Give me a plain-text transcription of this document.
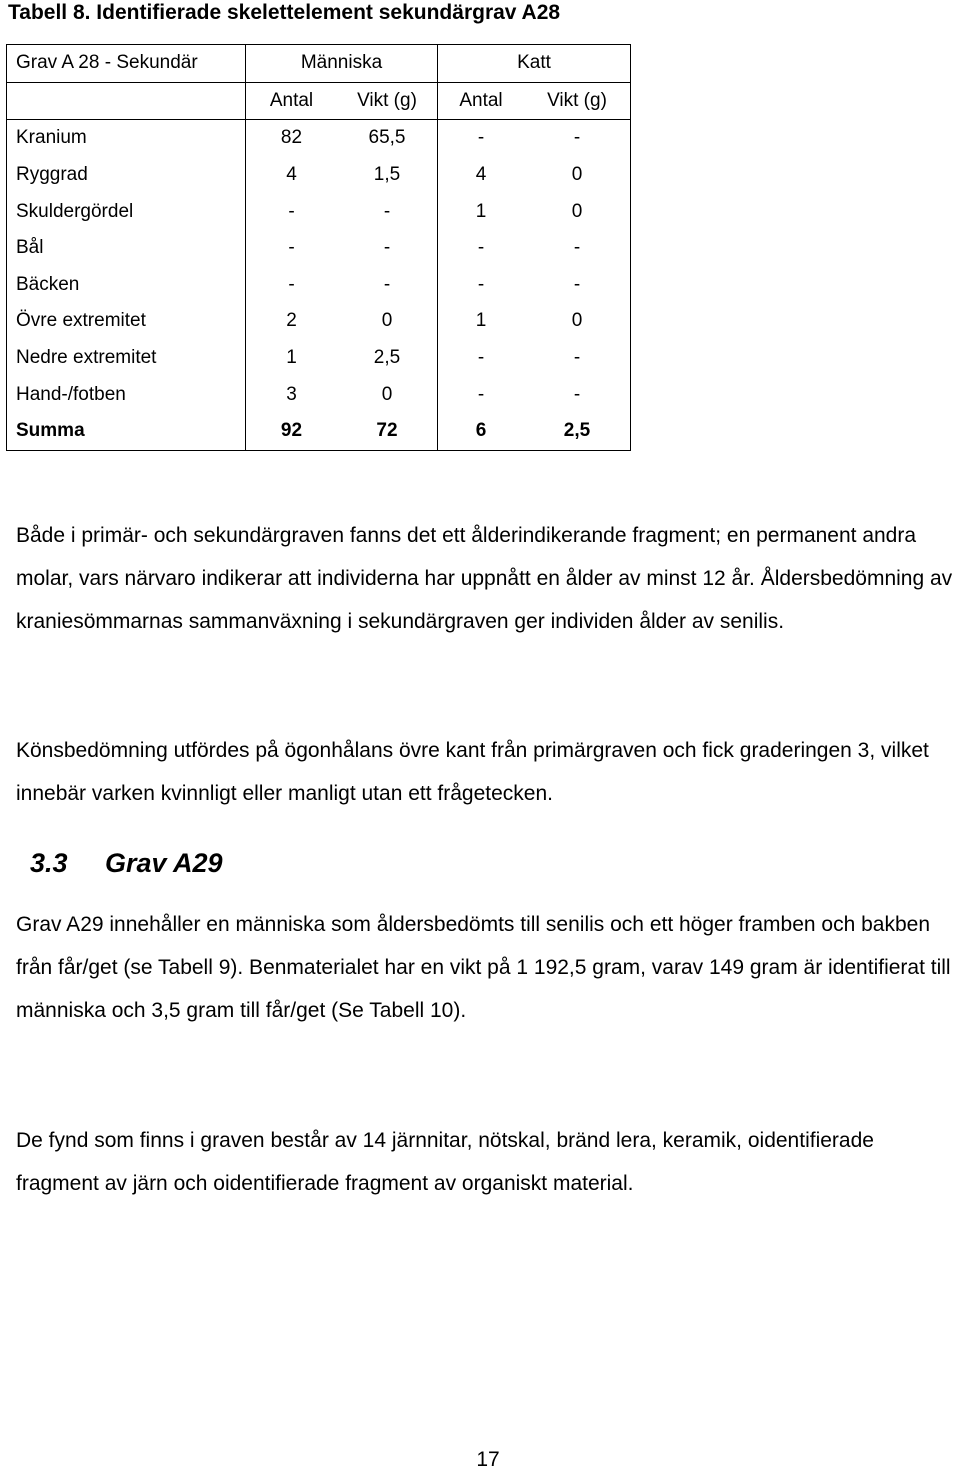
Tabell 8. Identifierade skelettelement sekundärgrav A28
Grav A 28 - Sekundär	Människa		Katt	
	Antal	Vikt (g)	Antal	Vikt (g)
Kranium	82	65,5	-	-
Ryggrad	4	1,5	4	0
Skuldergördel	-	-	1	0
Bål	-	-	-	-
Bäcken	-	-	-	-
Övre extremitet	2	0	1	0
Nedre extremitet	1	2,5	-	-
Hand-/fotben	3	0	-	-
Summa	92	72	6	2,5

Både i primär- och sekundärgraven fanns det ett ålderindikerande fragment; en permanent andra molar, vars närvaro indikerar att individerna har uppnått en ålder av minst 12 år. Åldersbedömning av kraniesömmarnas sammanväxning i sekundärgraven ger individen ålder av senilis.

Könsbedömning utfördes på ögonhålans övre kant från primärgraven och fick graderingen 3, vilket innebär varken kvinnligt eller manligt utan ett frågetecken.

3.3 Grav A29

Grav A29 innehåller en människa som åldersbedömts till senilis och ett höger framben och bakben från får/get (se Tabell 9). Benmaterialet har en vikt på 1 192,5 gram, varav 149 gram är identifierat till människa och 3,5 gram till får/get (Se Tabell 10).

De fynd som finns i graven består av 14 järnnitar, nötskal, bränd lera, keramik, oidentifierade fragment av järn och oidentifierade fragment av organiskt material.

17
